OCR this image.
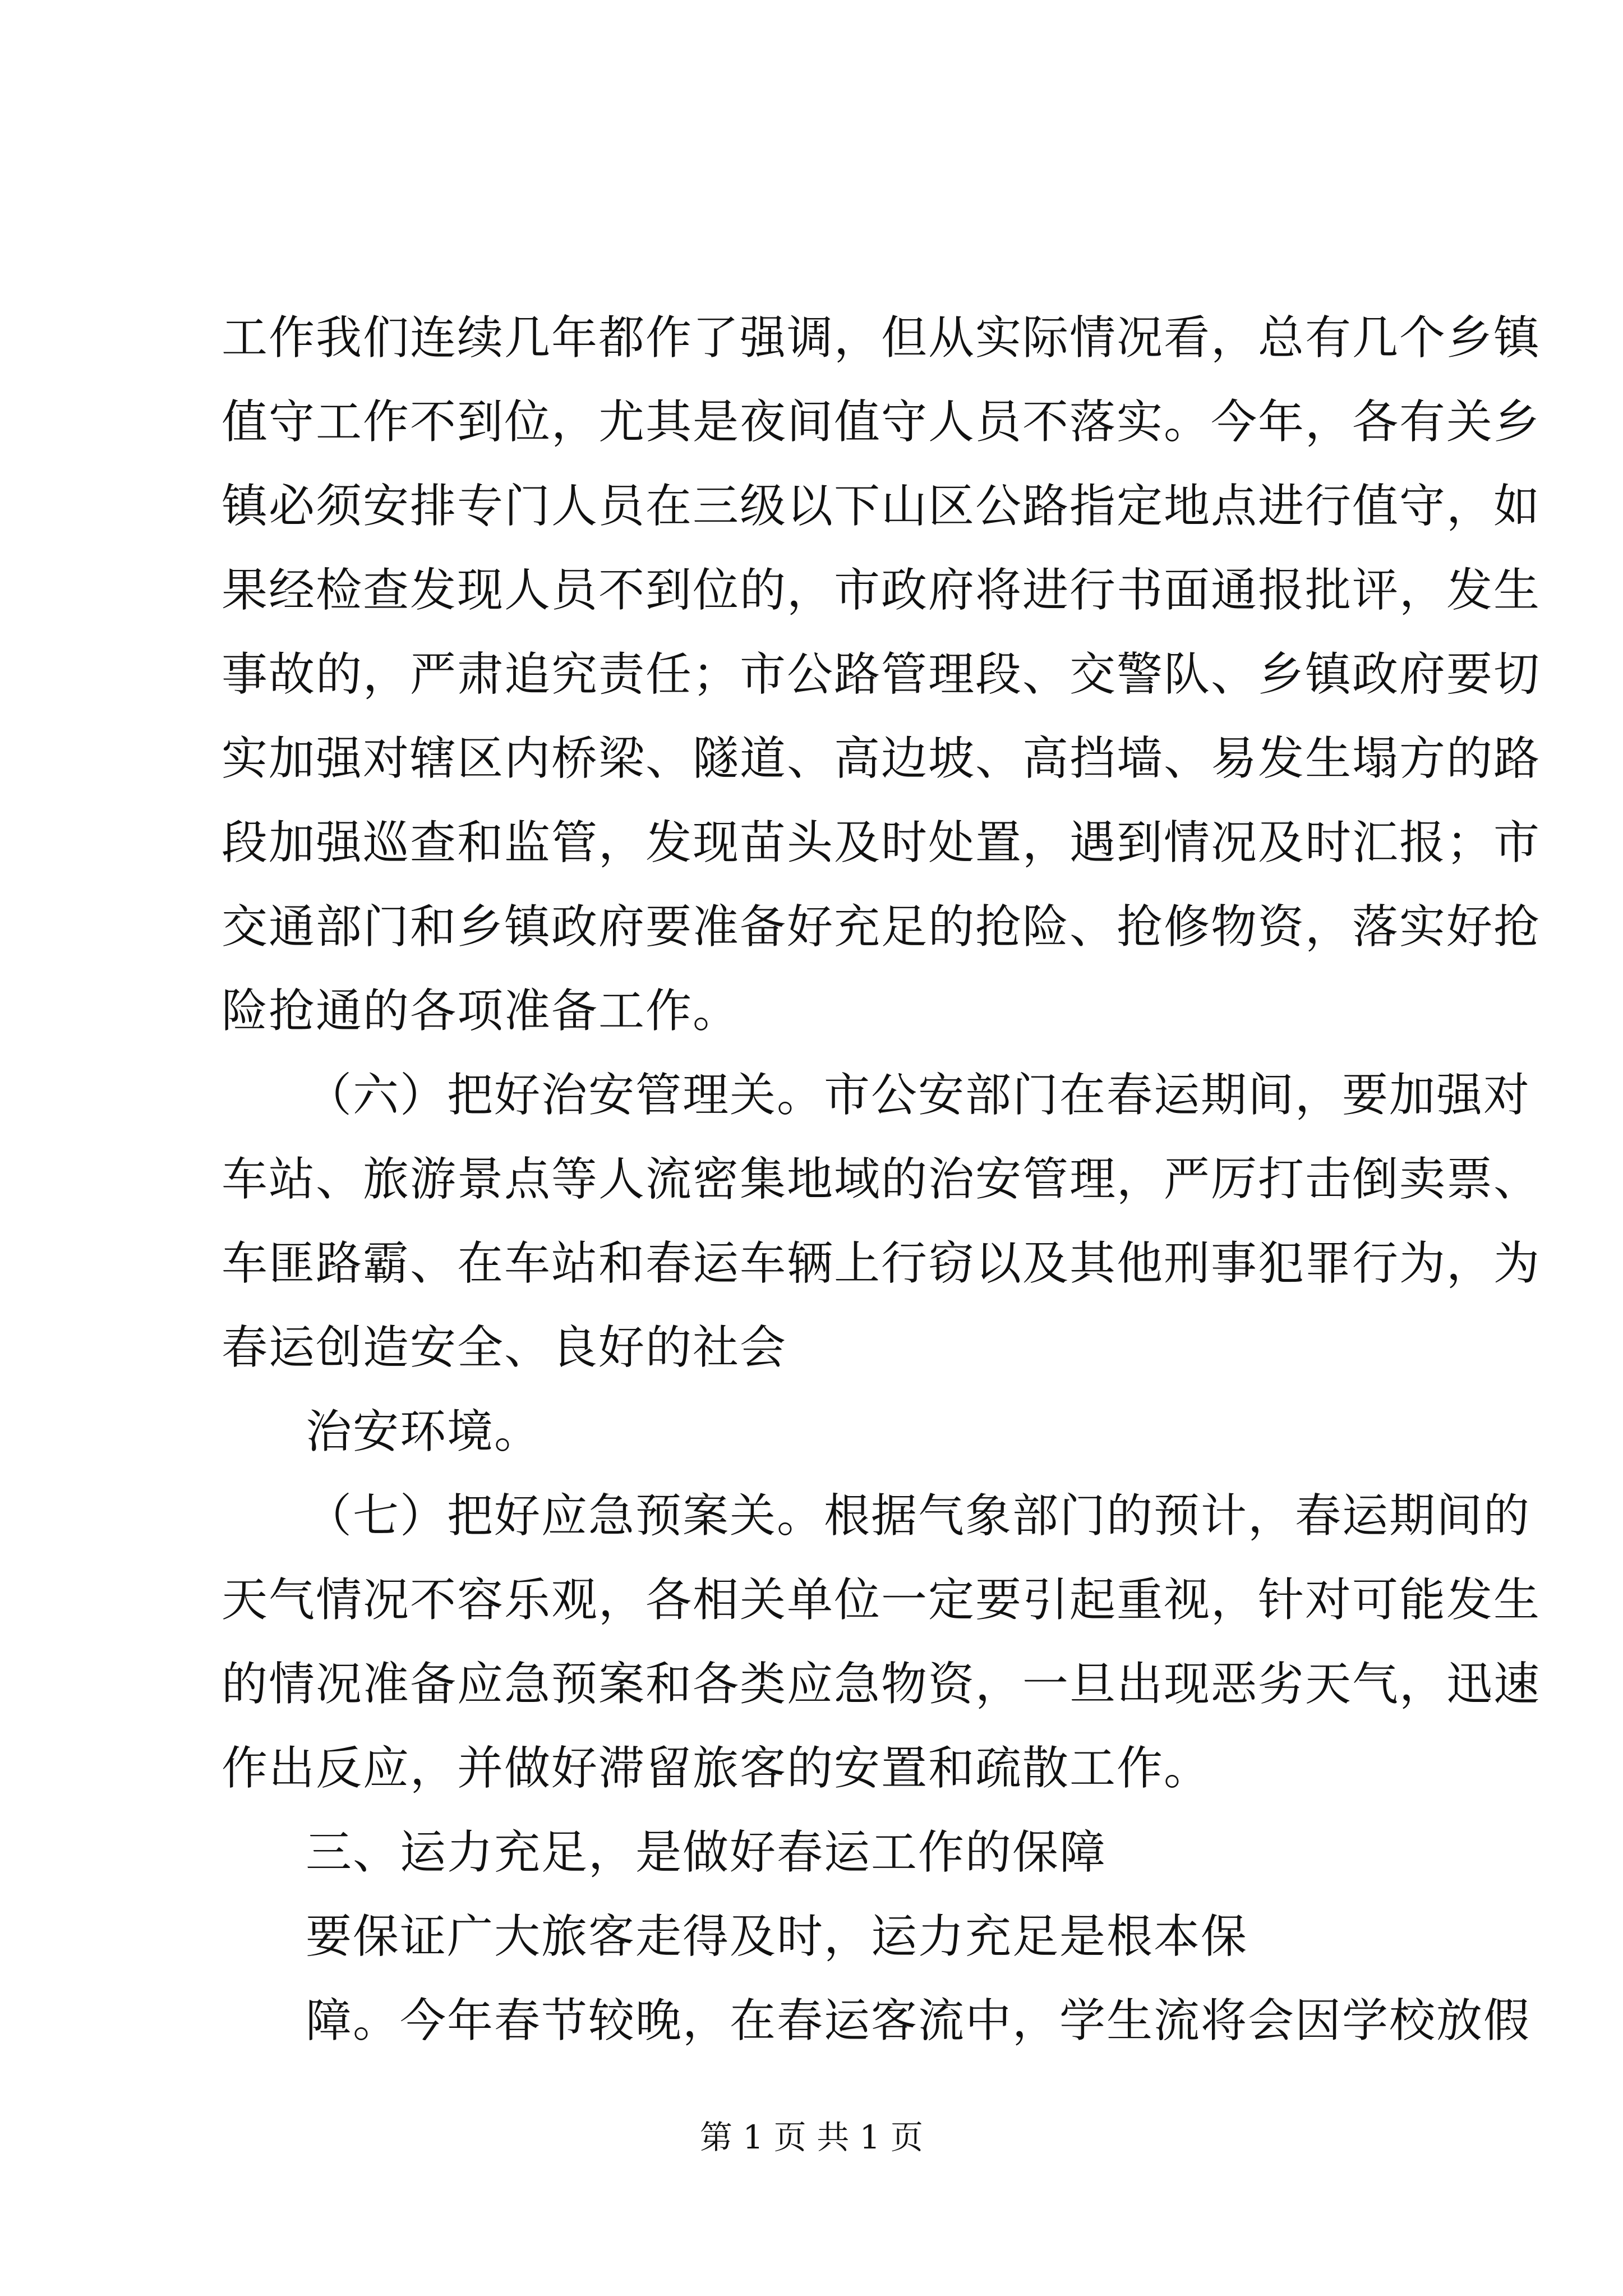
工作我们连续几年都作了强调，但从实际情况看，总有几个乡镇
值守工作不到位，尤其是夜间值守人员不落实。今年，各有关乡
镇必须安排专门人员在三级以下山区公路指定地点进行值守，如
果经检查发现人员不到位的，市政府将进行书面通报批评，发生
事故的，严肃追究责任；市公路管理段、交警队、乡镇政府要切
实加强对辖区内桥梁、隧道、高边坡、高挡墙、易发生塌方的路
段加强巡查和监管，发现苗头及时处置，遇到情况及时汇报；市
交通部门和乡镇政府要准备好充足的抢险、抢修物资，落实好抢
险抢通的各项准备工作。
（六）把好治安管理关。市公安部门在春运期间，要加强对
车站、旅游景点等人流密集地域的治安管理，严厉打击倒卖票、
车匪路霸、在车站和春运车辆上行窃以及其他刑事犯罪行为，为
春运创造安全、良好的社会
治安环境。
（七）把好应急预案关。根据气象部门的预计，春运期间的
天气情况不容乐观，各相关单位一定要引起重视，针对可能发生
的情况准备应急预案和各类应急物资，一旦出现恶劣天气，迅速
作出反应，并做好滞留旅客的安置和疏散工作。
三、运力充足，是做好春运工作的保障
要保证广大旅客走得及时，运力充足是根本保
障。今年春节较晚，在春运客流中，学生流将会因学校放假
第 1 页 共 1 页
